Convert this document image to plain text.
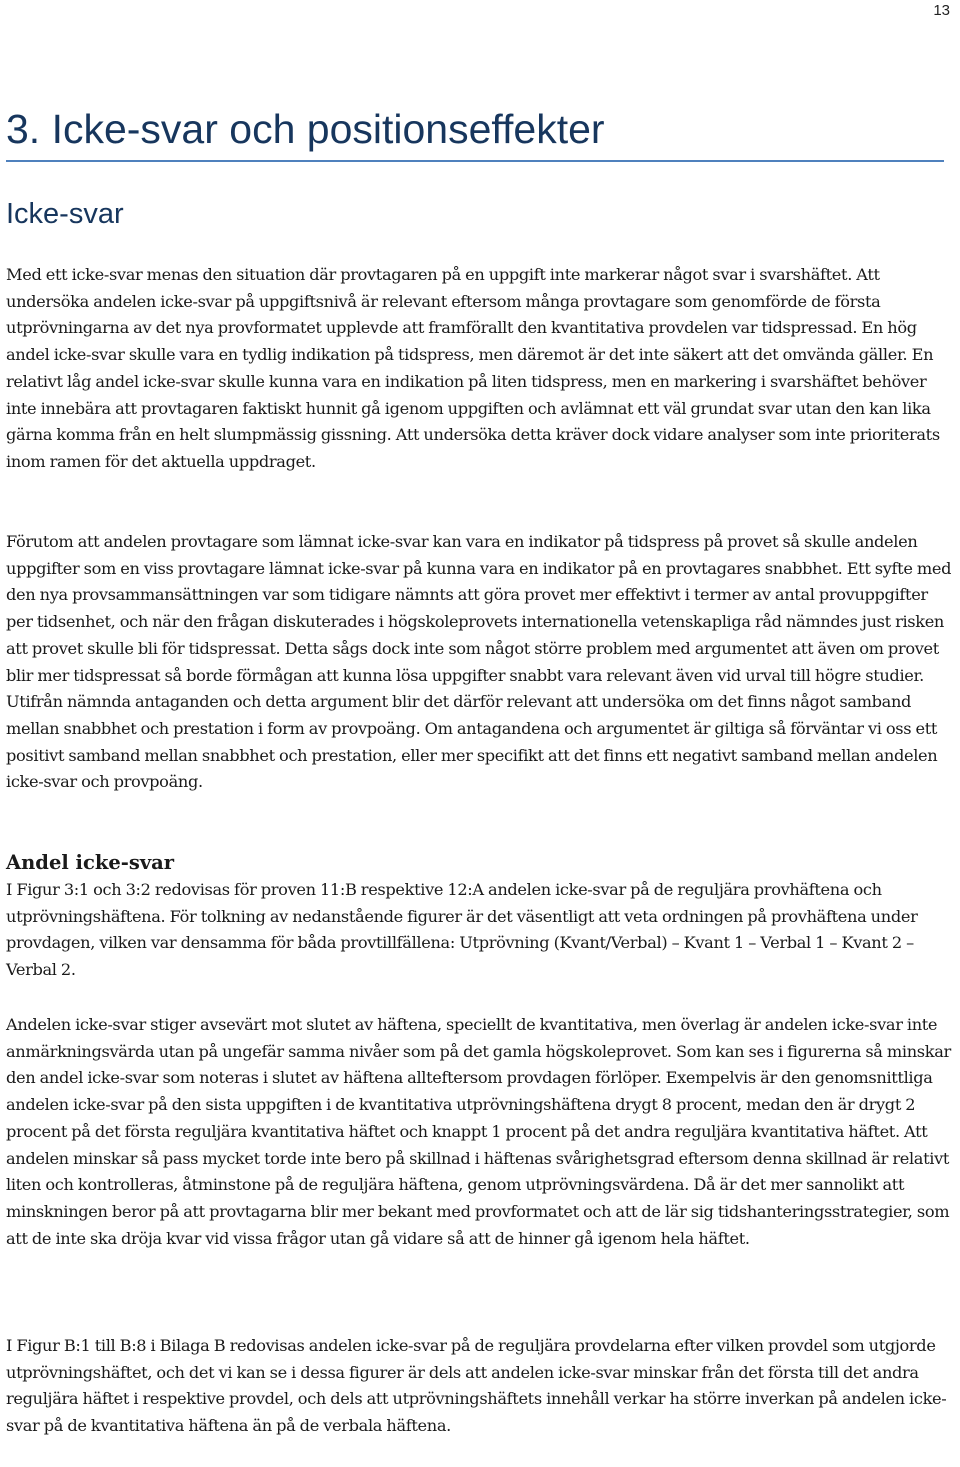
13
3. Icke-svar och positionseffekter
Icke-svar

Med ett icke-svar menas den situation där provtagaren på en uppgift inte markerar något svar i svarshäftet. Att undersöka andelen icke-svar på uppgiftsnivå är relevant eftersom många provtagare som genomförde de första utprövningarna av det nya provformatet upplevde att framförallt den kvantitativa provdelen var tidspressad. En hög andel icke-svar skulle vara en tydlig indikation på tidspress, men däremot är det inte säkert att det omvända gäller. En relativt låg andel icke-svar skulle kunna vara en indikation på liten tidspress, men en markering i svarshäftet behöver inte innebära att provtagaren faktiskt hunnit gå igenom uppgiften och avlämnat ett väl grundat svar utan den kan lika gärna komma från en helt slumpmässig gissning. Att undersöka detta kräver dock vidare analyser som inte prioriterats inom ramen för det aktuella uppdraget.

Förutom att andelen provtagare som lämnat icke-svar kan vara en indikator på tidspress på provet så skulle andelen uppgifter som en viss provtagare lämnat icke-svar på kunna vara en indikator på en provtagares snabbhet. Ett syfte med den nya provsammansättningen var som tidigare nämnts att göra provet mer effektivt i termer av antal provuppgifter per tidsenhet, och när den frågan diskuterades i högskoleprovets internationella vetenskapliga råd nämndes just risken att provet skulle bli för tidspressat. Detta sågs dock inte som något större problem med argumentet att även om provet blir mer tidspressat så borde förmågan att kunna lösa uppgifter snabbt vara relevant även vid urval till högre studier. Utifrån nämnda antaganden och detta argument blir det därför relevant att undersöka om det finns något samband mellan snabbhet och prestation i form av provpoäng. Om antagandena och argumentet är giltiga så förväntar vi oss ett positivt samband mellan snabbhet och prestation, eller mer specifikt att det finns ett negativt samband mellan andelen icke-svar och provpoäng.

Andel icke-svar

I Figur 3:1 och 3:2 redovisas för proven 11:B respektive 12:A andelen icke-svar på de reguljära provhäftena och utprövningshäftena. För tolkning av nedanstående figurer är det väsentligt att veta ordningen på provhäftena under provdagen, vilken var densamma för båda provtillfällena: Utprövning (Kvant/Verbal) – Kvant 1 – Verbal 1 – Kvant 2 – Verbal 2.

Andelen icke-svar stiger avsevärt mot slutet av häftena, speciellt de kvantitativa, men överlag är andelen icke-svar inte anmärkningsvärda utan på ungefär samma nivåer som på det gamla högskoleprovet. Som kan ses i figurerna så minskar den andel icke-svar som noteras i slutet av häftena allteftersom provdagen förlöper. Exempelvis är den genomsnittliga andelen icke-svar på den sista uppgiften i de kvantitativa utprövningshäftena drygt 8 procent, medan den är drygt 2 procent på det första reguljära kvantitativa häftet och knappt 1 procent på det andra reguljära kvantitativa häftet. Att andelen minskar så pass mycket torde inte bero på skillnad i häftenas svårighetsgrad eftersom denna skillnad är relativt liten och kontrolleras, åtminstone på de reguljära häftena, genom utprövningsvärdena. Då är det mer sannolikt att minskningen beror på att provtagarna blir mer bekant med provformatet och att de lär sig tidshanteringsstrategier, som att de inte ska dröja kvar vid vissa frågor utan gå vidare så att de hinner gå igenom hela häftet.

I Figur B:1 till B:8 i Bilaga B redovisas andelen icke-svar på de reguljära provdelarna efter vilken provdel som utgjorde utprövningshäftet, och det vi kan se i dessa figurer är dels att andelen icke-svar minskar från det första till det andra reguljära häftet i respektive provdel, och dels att utprövningshäftets innehåll verkar ha större inverkan på andelen icke-svar på de kvantitativa häftena än på de verbala häftena.
